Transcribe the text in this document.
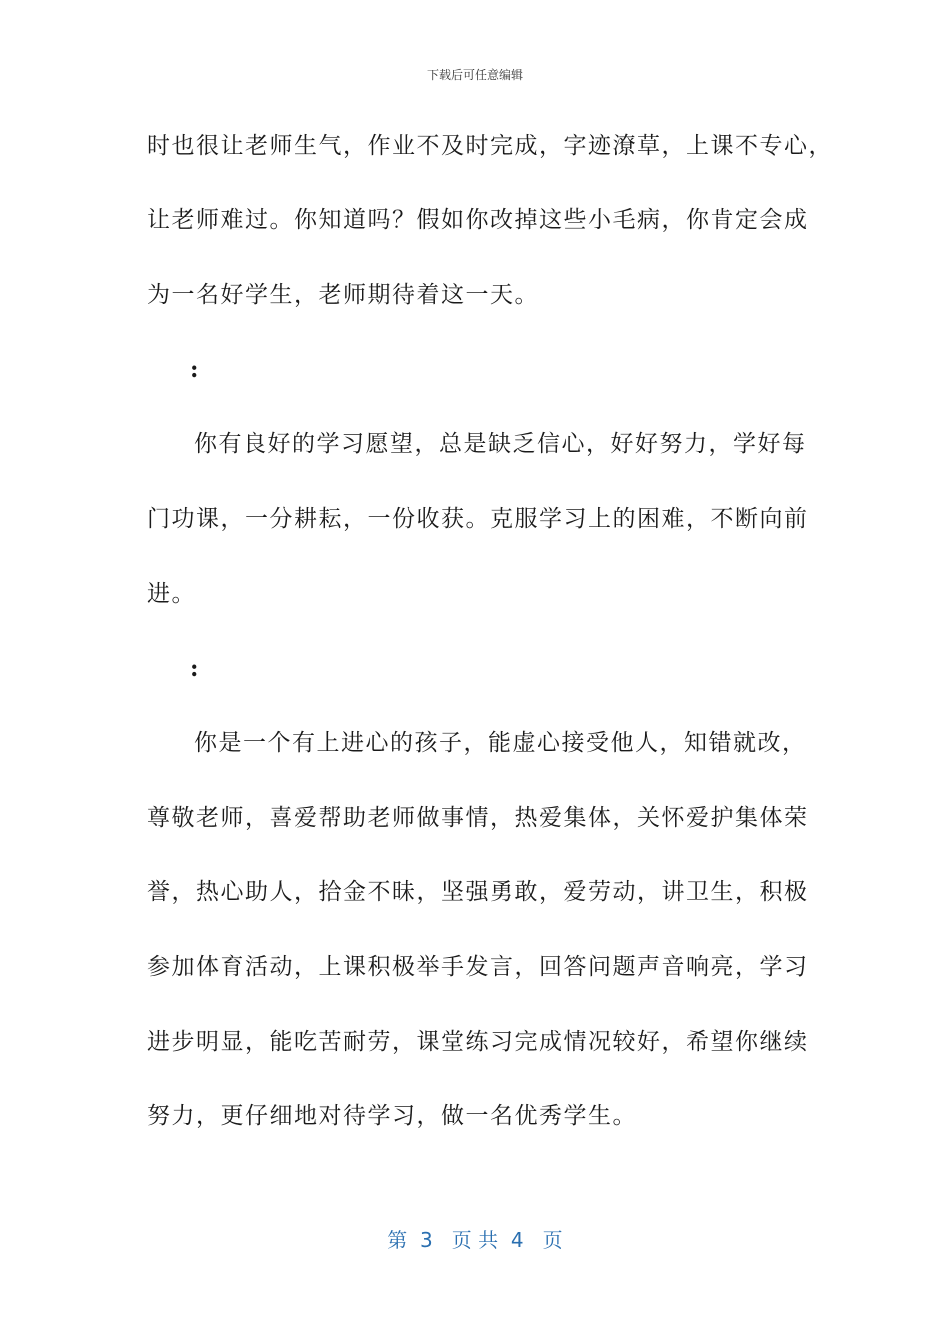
下载后可任意编辑
时也很让老师生气，作业不及时完成，字迹潦草，上课不专心，
让老师难过。你知道吗？假如你改掉这些小毛病，你肯定会成
为一名好学生，老师期待着这一天。
:
你有良好的学习愿望，总是缺乏信心，好好努力，学好每
门功课，一分耕耘，一份收获。克服学习上的困难，不断向前
进。
:
你是一个有上进心的孩子，能虚心接受他人，知错就改，
尊敬老师，喜爱帮助老师做事情，热爱集体，关怀爱护集体荣
誉，热心助人，拾金不昧，坚强勇敢，爱劳动，讲卫生，积极
参加体育活动，上课积极举手发言，回答问题声音响亮，学习
进步明显，能吃苦耐劳，课堂练习完成情况较好，希望你继续
努力，更仔细地对待学习，做一名优秀学生。
第  3   页 共  4   页
